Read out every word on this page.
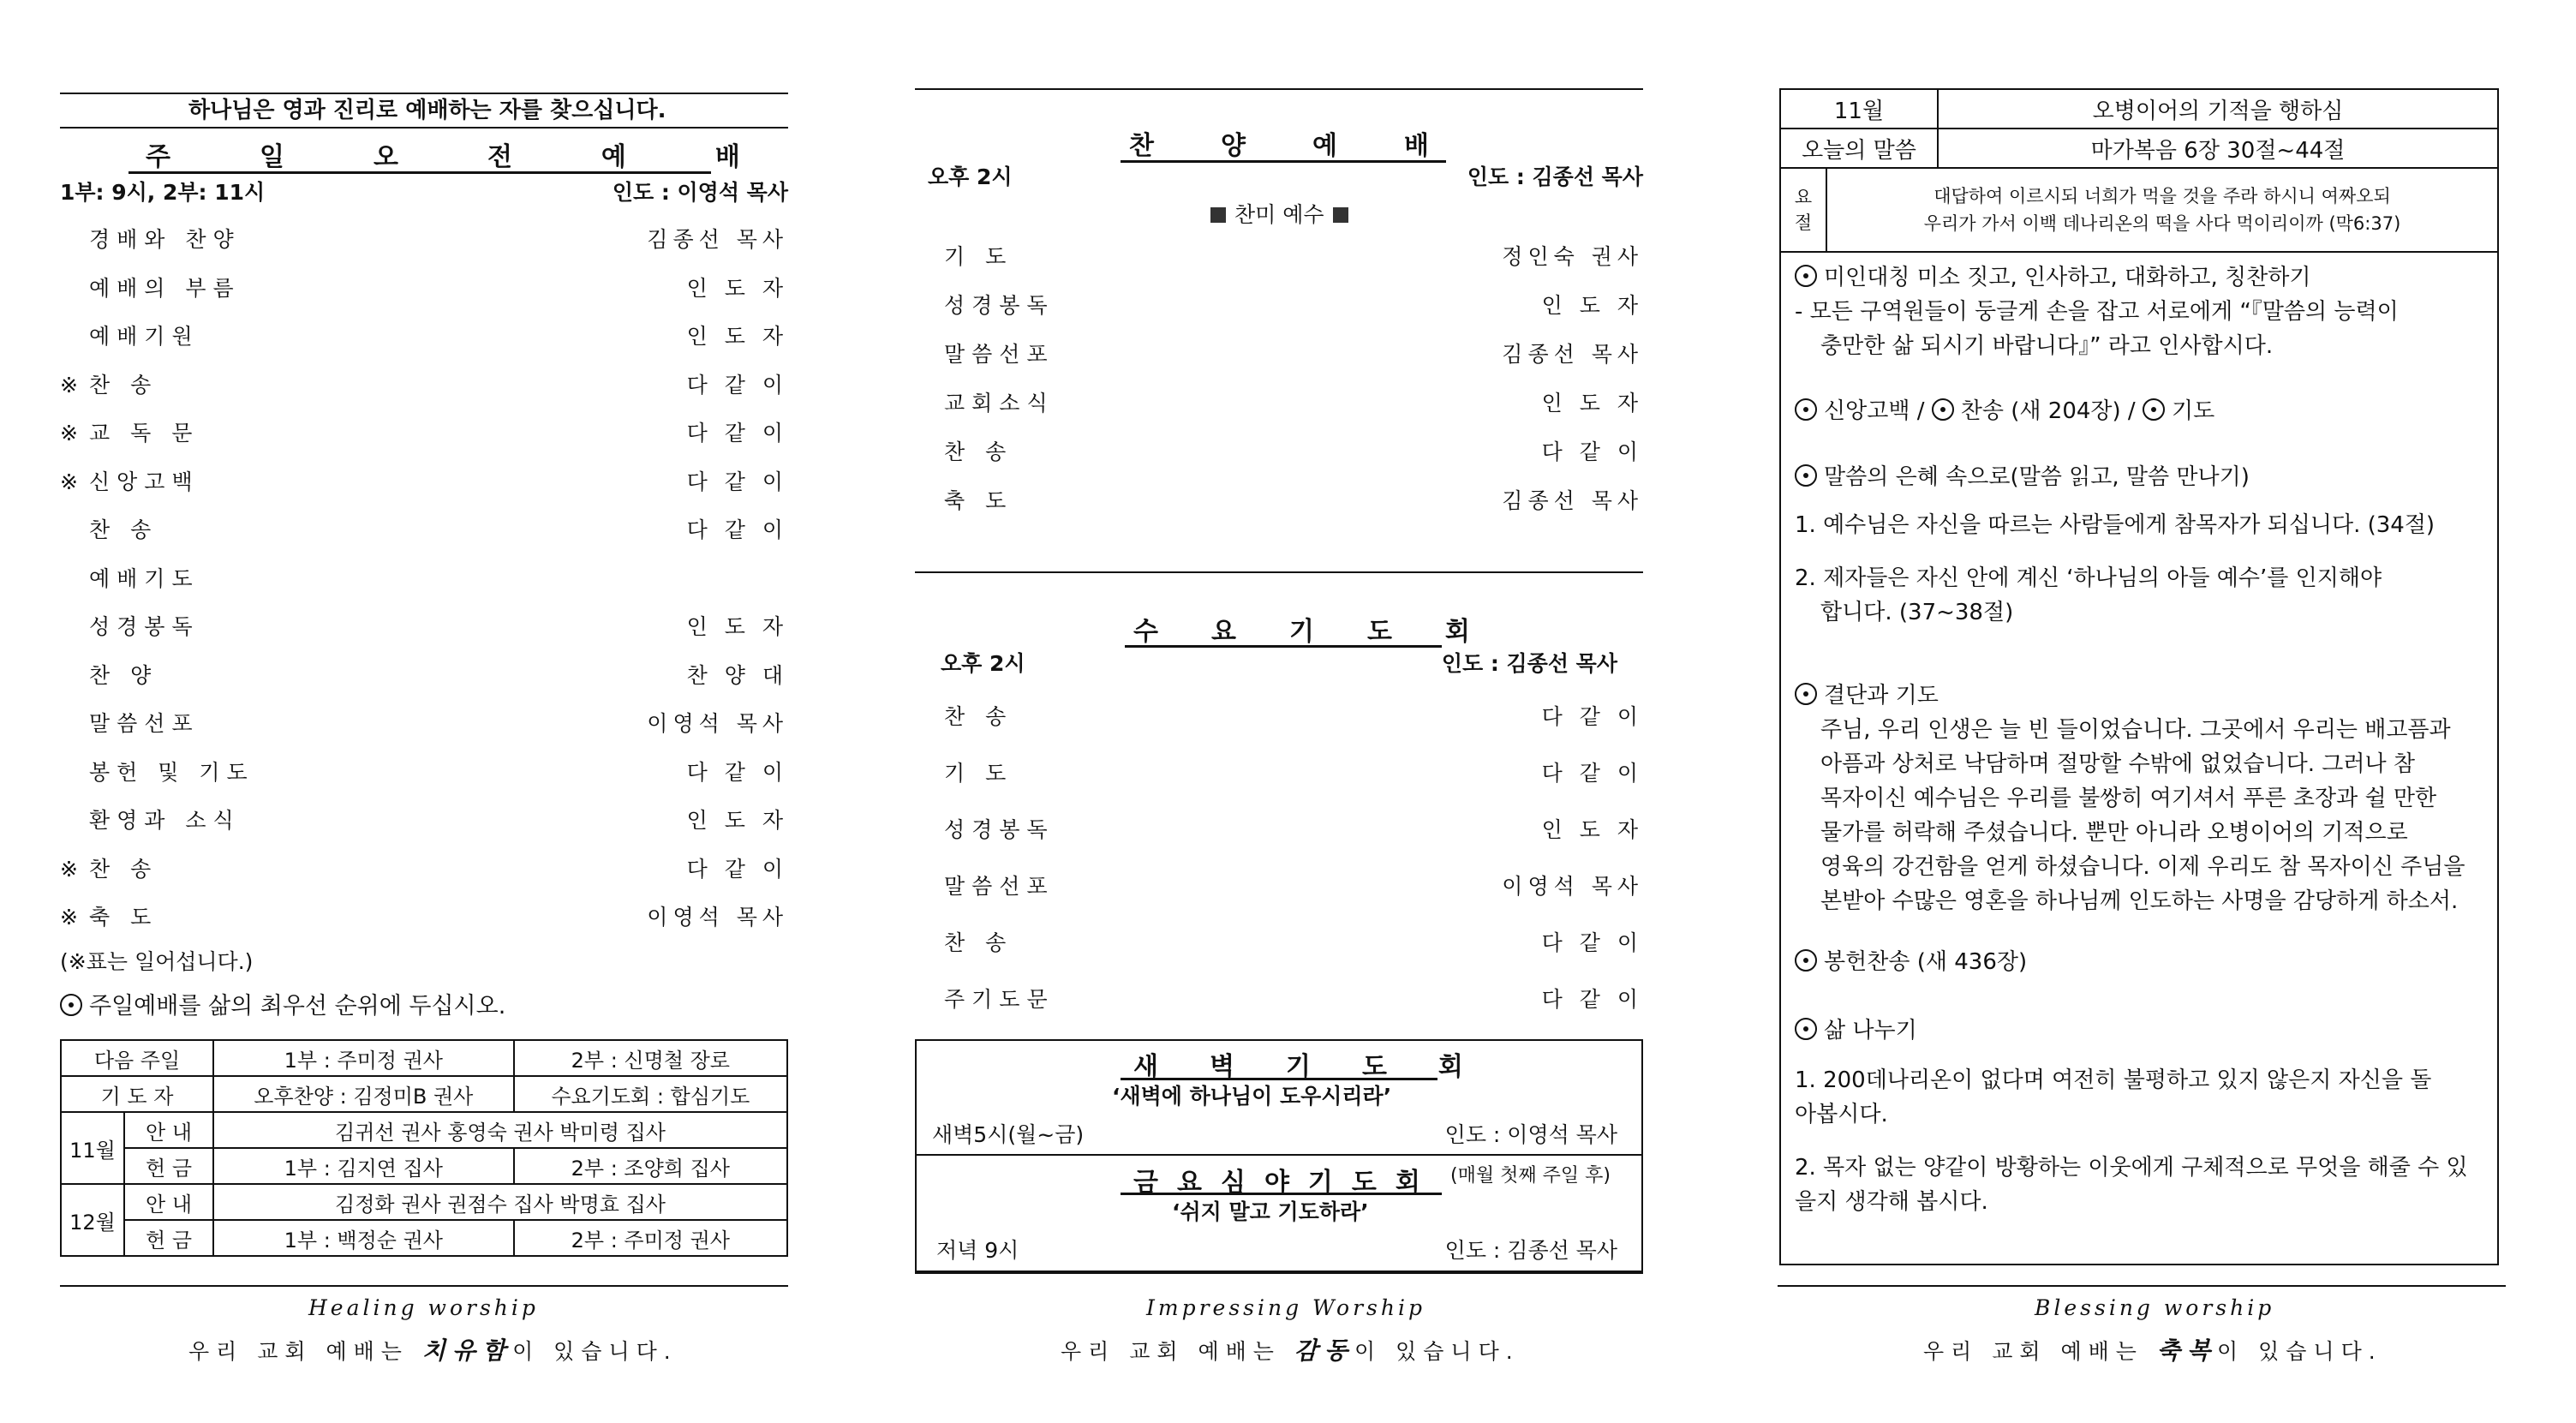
하나님은 영과 진리로 예배하는 자를 찾으십니다.
주일오전예배
1부: 9시, 2부: 11시	인도 : 이영석 목사
경배와 찬양	김종선 목사
예배의 부름	인 도 자
예배기원	인 도 자
※ 찬 송	다 같 이
※ 교 독 문	다 같 이
※ 신앙고백	다 같 이
찬 송	다 같 이
예배기도
성경봉독	인 도 자
찬 양	찬 양 대
말씀선포	이영석 목사
봉헌 및 기도	다 같 이
환영과 소식	인 도 자
※ 찬 송	다 같 이
※ 축 도	이영석 목사
(※표는 일어섭니다.)
주일예배를 삶의 최우선 순위에 두십시오.
다음 주일		1부 : 주미정 권사	2부 : 신명철 장로
기 도 자		오후찬양 : 김정미B 권사	수요기도회 : 합심기도
11월	안 내	김귀선 권사 홍영숙 권사 박미령 집사	
	헌 금	1부 : 김지연 집사	2부 : 조양희 집사
12월	안 내	김정화 권사 권점수 집사 박명효 집사	
	헌 금	1부 : 백정순 권사	2부 : 주미정 권사
Healing worship
우리 교회 예배는 치유함이 있습니다.
찬양예배
오후 2시	인도 : 김종선 목사
찬미 예수
기 도	정인숙 권사
성경봉독	인 도 자
말씀선포	김종선 목사
교회소식	인 도 자
찬 송	다 같 이
축 도	김종선 목사
수요기도회
오후 2시	인도 : 김종선 목사
찬 송	다 같 이
기 도	다 같 이
성경봉독	인 도 자
말씀선포	이영석 목사
찬 송	다 같 이
주기도문	다 같 이
새벽기도회
‘새벽에 하나님이 도우시리라’
새벽5시(월~금)	인도 : 이영석 목사
금요심야기도회 (매월 첫째 주일 후)
‘쉬지 말고 기도하라’
저녁 9시	인도 : 김종선 목사
Impressing Worship
우리 교회 예배는 감동이 있습니다.
11월	오병이어의 기적을 행하심
오늘의 말씀	마가복음 6장 30절~44절
요
절	대답하여 이르시되 너희가 먹을 것을 주라 하시니 여짜오되
우리가 가서 이백 데나리온의 떡을 사다 먹이리이까 (막6:37)
미인대칭 미소 짓고, 인사하고, 대화하고, 칭찬하기
- 모든 구역원들이 둥글게 손을 잡고 서로에게 “『말씀의 능력이
충만한 삶 되시기 바랍니다』” 라고 인사합시다.
신앙고백 / 찬송 (새 204장) / 기도
말씀의 은혜 속으로(말씀 읽고, 말씀 만나기)
1. 예수님은 자신을 따르는 사람들에게 참목자가 되십니다. (34절)
2. 제자들은 자신 안에 계신 ‘하나님의 아들 예수’를 인지해야
합니다. (37~38절)
결단과 기도
주님, 우리 인생은 늘 빈 들이었습니다. 그곳에서 우리는 배고픔과
아픔과 상처로 낙담하며 절망할 수밖에 없었습니다. 그러나 참
목자이신 예수님은 우리를 불쌍히 여기셔서 푸른 초장과 쉴 만한
물가를 허락해 주셨습니다. 뿐만 아니라 오병이어의 기적으로
영육의 강건함을 얻게 하셨습니다. 이제 우리도 참 목자이신 주님을
본받아 수많은 영혼을 하나님께 인도하는 사명을 감당하게 하소서.
봉헌찬송 (새 436장)
삶 나누기
1. 200데나리온이 없다며 여전히 불평하고 있지 않은지 자신을 돌
아봅시다.
2. 목자 없는 양같이 방황하는 이웃에게 구체적으로 무엇을 해줄 수 있
을지 생각해 봅시다.
Blessing worship
우리 교회 예배는 축복이 있습니다.
